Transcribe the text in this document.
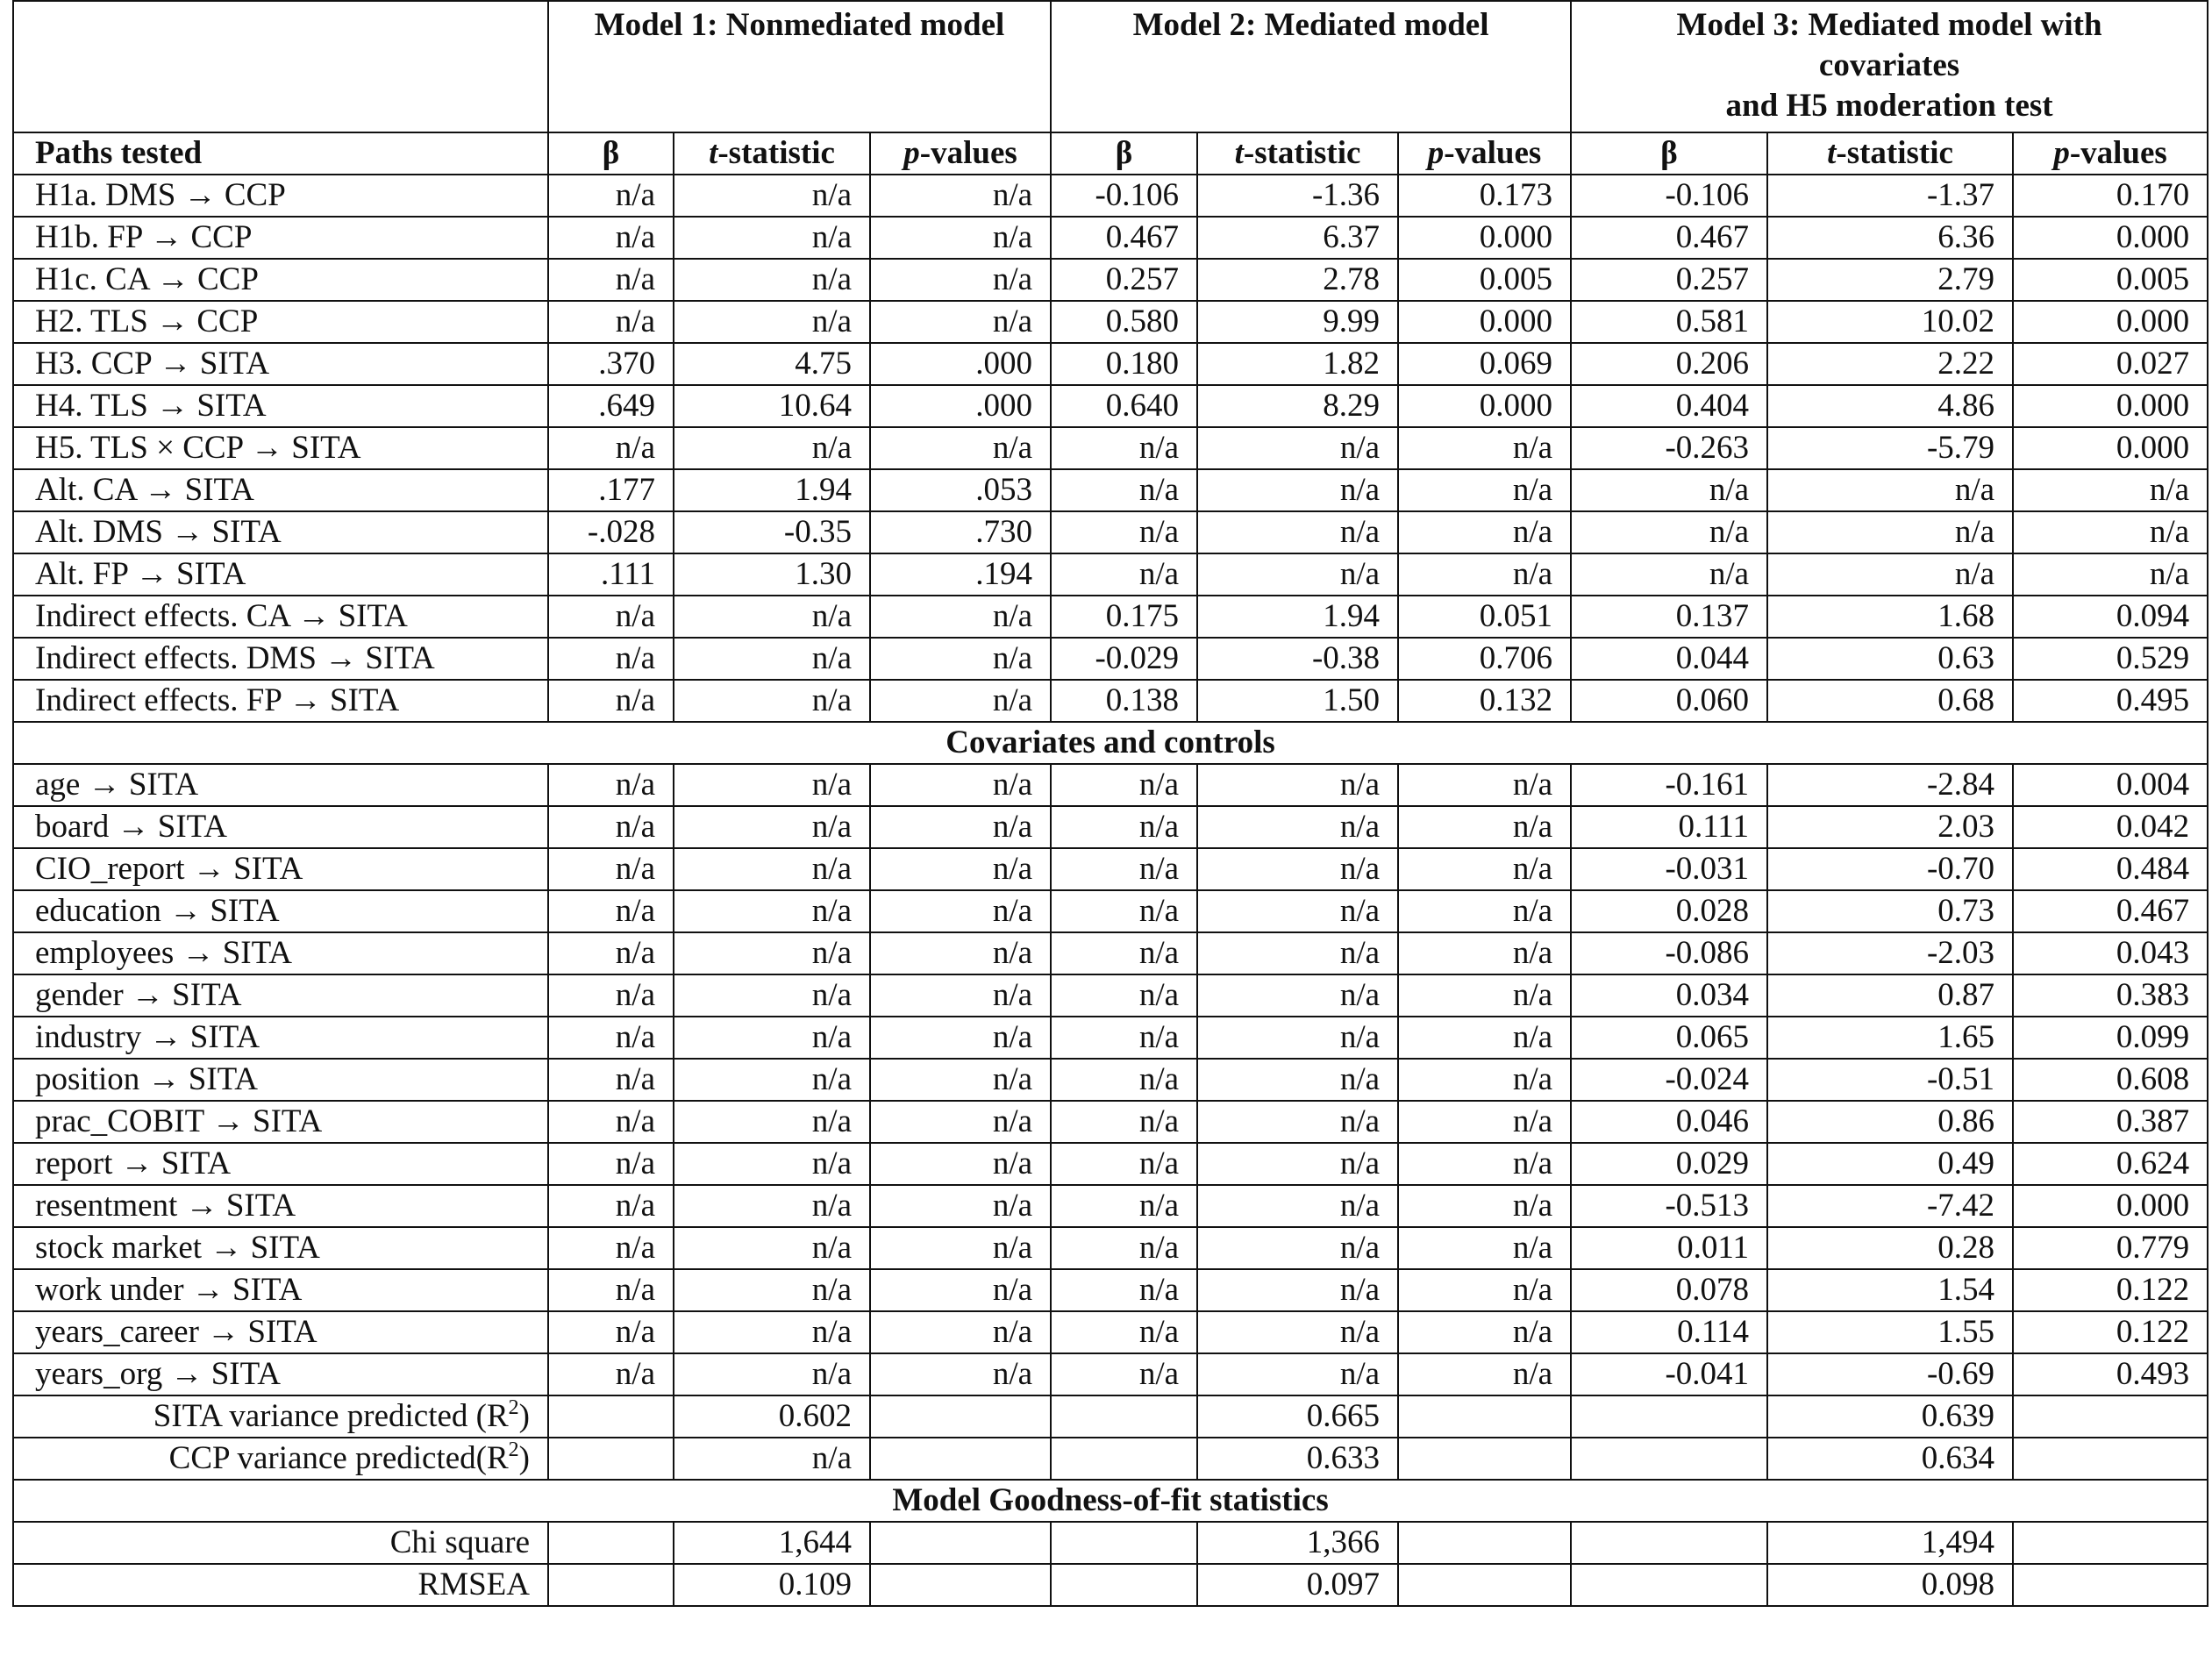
	Model 1: Nonmediated model			Model 2: Mediated model			Model 3: Mediated model with
covariates
and H5 moderation test		
Paths tested	β	t-statistic	p-values	β	t-statistic	p-values	β	t-statistic	p-values
H1a. DMS → CCP	n/a	n/a	n/a	-0.106	-1.36	0.173	-0.106	-1.37	0.170
H1b. FP → CCP	n/a	n/a	n/a	0.467	6.37	0.000	0.467	6.36	0.000
H1c. CA → CCP	n/a	n/a	n/a	0.257	2.78	0.005	0.257	2.79	0.005
H2. TLS → CCP	n/a	n/a	n/a	0.580	9.99	0.000	0.581	10.02	0.000
H3. CCP → SITA	.370	4.75	.000	0.180	1.82	0.069	0.206	2.22	0.027
H4. TLS → SITA	.649	10.64	.000	0.640	8.29	0.000	0.404	4.86	0.000
H5. TLS × CCP → SITA	n/a	n/a	n/a	n/a	n/a	n/a	-0.263	-5.79	0.000
Alt. CA → SITA	.177	1.94	.053	n/a	n/a	n/a	n/a	n/a	n/a
Alt. DMS → SITA	-.028	-0.35	.730	n/a	n/a	n/a	n/a	n/a	n/a
Alt. FP → SITA	.111	1.30	.194	n/a	n/a	n/a	n/a	n/a	n/a
Indirect effects. CA → SITA	n/a	n/a	n/a	0.175	1.94	0.051	0.137	1.68	0.094
Indirect effects. DMS → SITA	n/a	n/a	n/a	-0.029	-0.38	0.706	0.044	0.63	0.529
Indirect effects. FP → SITA	n/a	n/a	n/a	0.138	1.50	0.132	0.060	0.68	0.495
Covariates and controls									
age → SITA	n/a	n/a	n/a	n/a	n/a	n/a	-0.161	-2.84	0.004
board → SITA	n/a	n/a	n/a	n/a	n/a	n/a	0.111	2.03	0.042
CIO_report → SITA	n/a	n/a	n/a	n/a	n/a	n/a	-0.031	-0.70	0.484
education → SITA	n/a	n/a	n/a	n/a	n/a	n/a	0.028	0.73	0.467
employees → SITA	n/a	n/a	n/a	n/a	n/a	n/a	-0.086	-2.03	0.043
gender → SITA	n/a	n/a	n/a	n/a	n/a	n/a	0.034	0.87	0.383
industry → SITA	n/a	n/a	n/a	n/a	n/a	n/a	0.065	1.65	0.099
position → SITA	n/a	n/a	n/a	n/a	n/a	n/a	-0.024	-0.51	0.608
prac_COBIT → SITA	n/a	n/a	n/a	n/a	n/a	n/a	0.046	0.86	0.387
report → SITA	n/a	n/a	n/a	n/a	n/a	n/a	0.029	0.49	0.624
resentment → SITA	n/a	n/a	n/a	n/a	n/a	n/a	-0.513	-7.42	0.000
stock market → SITA	n/a	n/a	n/a	n/a	n/a	n/a	0.011	0.28	0.779
work under → SITA	n/a	n/a	n/a	n/a	n/a	n/a	0.078	1.54	0.122
years_career → SITA	n/a	n/a	n/a	n/a	n/a	n/a	0.114	1.55	0.122
years_org → SITA	n/a	n/a	n/a	n/a	n/a	n/a	-0.041	-0.69	0.493
SITA variance predicted $(R^2)$		0.602			0.665			0.639	
CCP variance $predicted(R^2)$		n/a			0.633			0.634	
Model Goodness-of-fit statistics									
Chi square		1,644			1,366			1,494	
RMSEA		0.109			0.097			0.098	
